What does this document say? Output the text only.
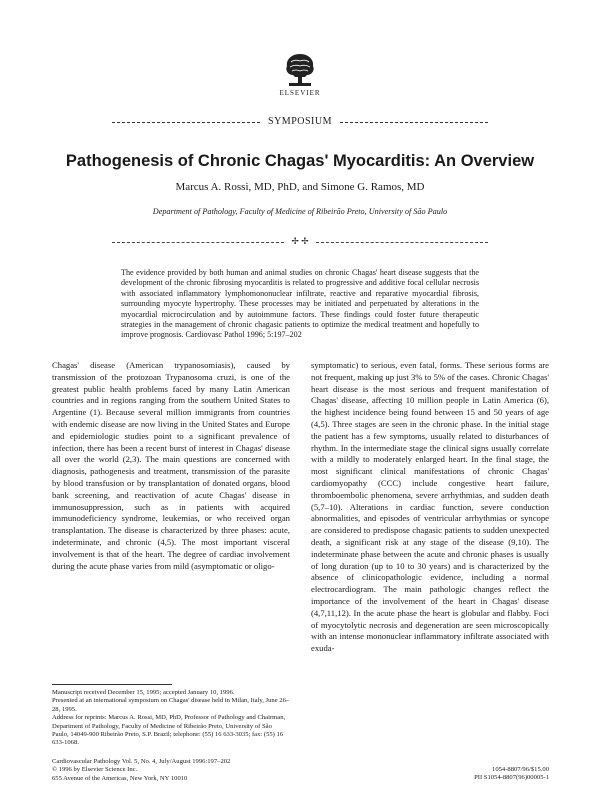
ELSEVIER
SYMPOSIUM
Pathogenesis of Chronic Chagas' Myocarditis: An Overview
Marcus A. Rossi, MD, PhD, and Simone G. Ramos, MD
Department of Pathology, Faculty of Medicine of Ribeirão Preto, University of São Paulo
✢ ✢
The evidence provided by both human and animal studies on chronic Chagas' heart disease suggests that the development of the chronic fibrosing myocarditis is related to progressive and additive focal cellular necrosis with associated inflammatory lymphomononuclear infiltrate, reactive and reparative myocardial fibrosis, surrounding myocyte hypertrophy. These processes may be initiated and perpetuated by alterations in the myocardial microcirculation and by autoimmune factors. These findings could foster future therapeutic strategies in the management of chronic chagasic patients to optimize the medical treatment and hopefully to improve prognosis. Cardiovasc Pathol 1996; 5:197–202
Chagas' disease (American trypanosomiasis), caused by transmission of the protozoan Trypanosoma cruzi, is one of the greatest public health problems faced by many Latin American countries and in regions ranging from the southern United States to Argentine (1). Because several million immigrants from countries with endemic disease are now living in the United States and Europe and epidemiologic studies point to a significant prevalence of infection, there has been a recent burst of interest in Chagas' disease all over the world (2,3). The main questions are concerned with diagnosis, pathogenesis and treatment, transmission of the parasite by blood transfusion or by transplantation of donated organs, blood bank screening, and reactivation of acute Chagas' disease in immunosuppression, such as in patients with acquired immunodeficiency syndrome, leukemias, or who received organ transplantation. The disease is characterized by three phases: acute, indeterminate, and chronic (4,5). The most important visceral involvement is that of the heart. The degree of cardiac involvement during the acute phase varies from mild (asymptomatic or oligo-
symptomatic) to serious, even fatal, forms. These serious forms are not frequent, making up just 3% to 5% of the cases. Chronic Chagas' heart disease is the most serious and frequent manifestation of Chagas' disease, affecting 10 million people in Latin America (6), the highest incidence being found between 15 and 50 years of age (4,5). Three stages are seen in the chronic phase. In the initial stage the patient has a few symptoms, usually related to disturbances of rhythm. In the intermediate stage the clinical signs usually correlate with a mildly to moderately enlarged heart. In the final stage, the most significant clinical manifestations of chronic Chagas' cardiomyopathy (CCC) include congestive heart failure, thromboembolic phenomena, severe arrhythmias, and sudden death (5,7–10). Alterations in cardiac function, severe conduction abnormalities, and episodes of ventricular arrhythmias or syncope are considered to predispose chagasic patients to sudden unexpected death, a significant risk at any stage of the disease (9,10). The indeterminate phase between the acute and chronic phases is usually of long duration (up to 10 to 30 years) and is characterized by the absence of clinicopathologic evidence, including a normal electrocardiogram. The main pathologic changes reflect the importance of the involvement of the heart in Chagas' disease (4,7,11,12). In the acute phase the heart is globular and flabby. Foci of myocytolytic necrosis and degeneration are seen microscopically with an intense mononuclear inflammatory infiltrate associated with exuda-
Manuscript received December 15, 1995; accepted January 10, 1996.
Presented at an international symposium on Chagas' disease held in Milan, Italy, June 26–28, 1995.
Address for reprints: Marcus A. Rossi, MD, PhD, Professor of Pathology and Chairman, Department of Pathology, Faculty of Medicine of Ribeirão Preto, University of São Paulo, 14049-900 Ribeirão Preto, S.P. Brazil; telephone: (55) 16 633-3035; fax: (55) 16 633-1068.
Cardiovascular Pathology Vol. 5, No. 4, July/August 1996:197–202
© 1996 by Elsevier Science Inc.
655 Avenue of the Americas, New York, NY 10010
1054-8807/96/$15.00
PII S1054-8807(96)00005-1
